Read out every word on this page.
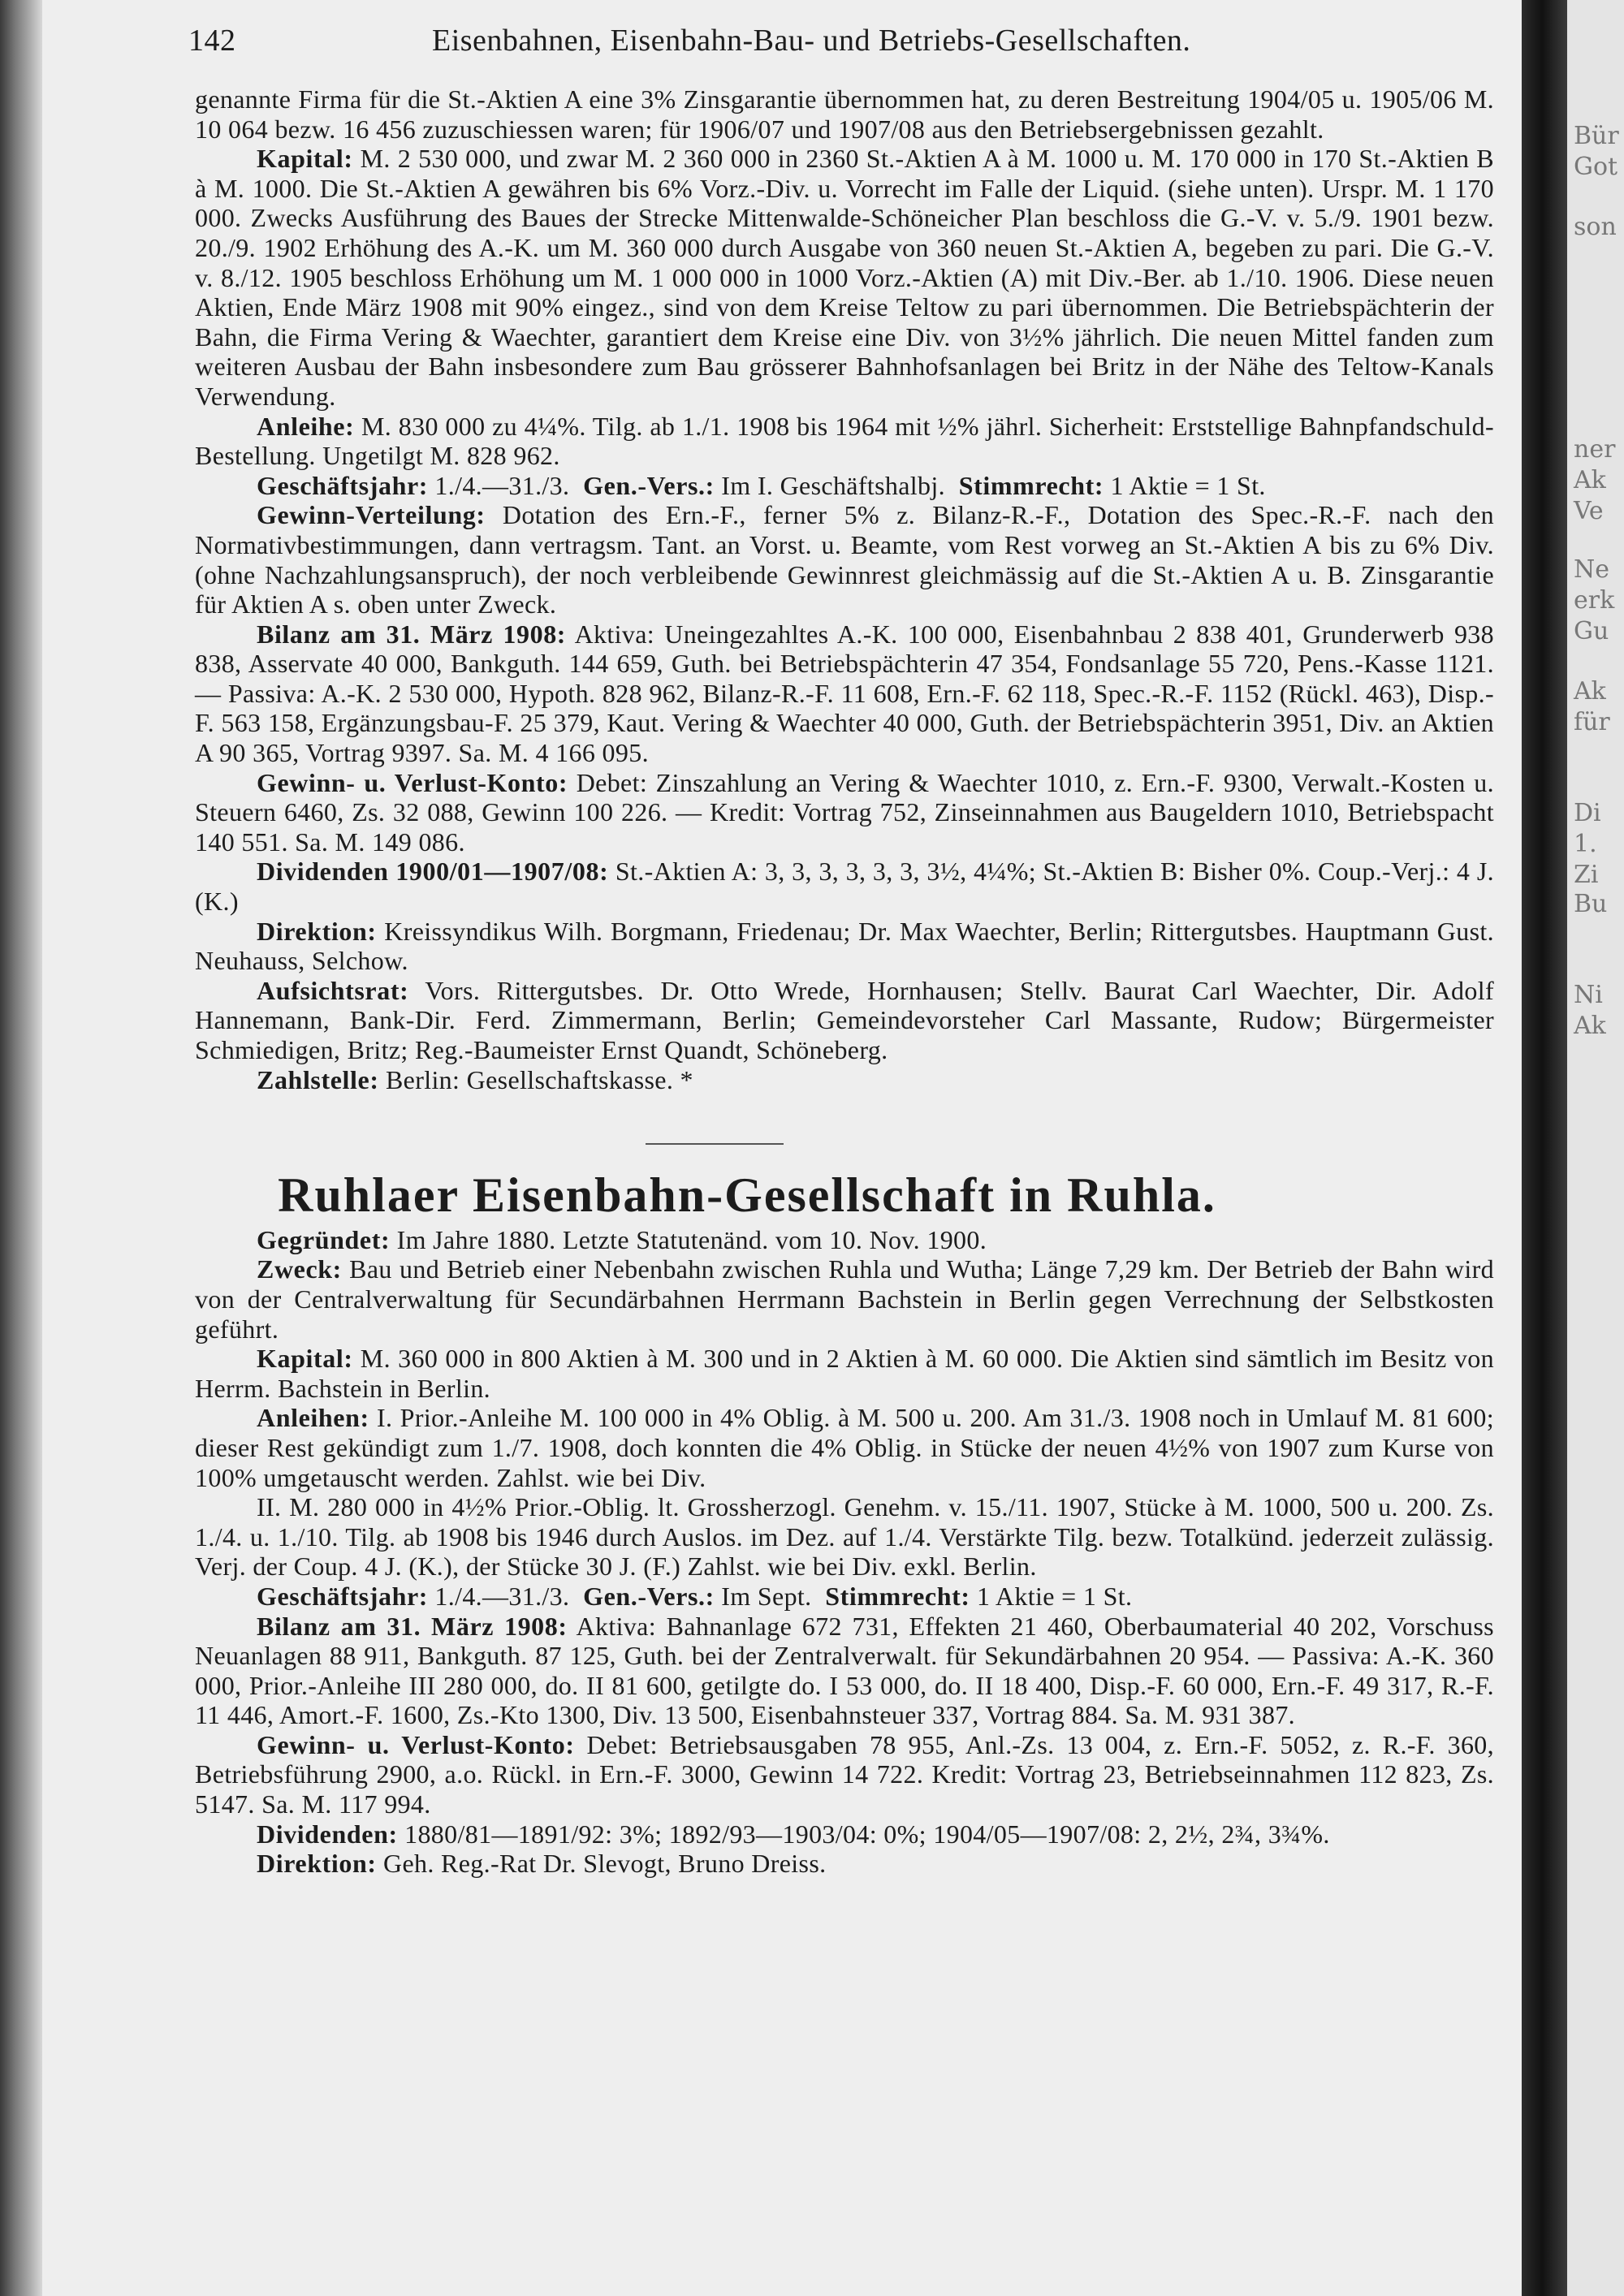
142	Eisenbahnen, Eisenbahn-Bau- und Betriebs-Gesellschaften.

genannte Firma für die St.-Aktien A eine 3% Zinsgarantie übernommen hat, zu deren Bestreitung 1904/05 u. 1905/06 M. 10 064 bezw. 16 456 zuzuschiessen waren; für 1906/07 und 1907/08 aus den Betriebsergebnissen gezahlt.

Kapital: M. 2 530 000, und zwar M. 2 360 000 in 2360 St.-Aktien A à M. 1000 u. M. 170 000 in 170 St.-Aktien B à M. 1000. Die St.-Aktien A gewähren bis 6% Vorz.-Div. u. Vorrecht im Falle der Liquid. (siehe unten). Urspr. M. 1 170 000. Zwecks Ausführung des Baues der Strecke Mittenwalde-Schöneicher Plan beschloss die G.-V. v. 5./9. 1901 bezw. 20./9. 1902 Erhöhung des A.-K. um M. 360 000 durch Ausgabe von 360 neuen St.-Aktien A, begeben zu pari. Die G.-V. v. 8./12. 1905 beschloss Erhöhung um M. 1 000 000 in 1000 Vorz.-Aktien (A) mit Div.-Ber. ab 1./10. 1906. Diese neuen Aktien, Ende März 1908 mit 90% eingez., sind von dem Kreise Teltow zu pari übernommen. Die Betriebspächterin der Bahn, die Firma Vering & Waechter, garantiert dem Kreise eine Div. von 3½% jährlich. Die neuen Mittel fanden zum weiteren Ausbau der Bahn insbesondere zum Bau grösserer Bahnhofsanlagen bei Britz in der Nähe des Teltow-Kanals Verwendung.

Anleihe: M. 830 000 zu 4¼%. Tilg. ab 1./1. 1908 bis 1964 mit ½% jährl. Sicherheit: Erststellige Bahnpfandschuld-Bestellung. Ungetilgt M. 828 962.

Geschäftsjahr: 1./4.—31./3. Gen.-Vers.: Im I. Geschäftshalbj. Stimmrecht: 1 Aktie = 1 St.

Gewinn-Verteilung: Dotation des Ern.-F., ferner 5% z. Bilanz-R.-F., Dotation des Spec.-R.-F. nach den Normativbestimmungen, dann vertragsm. Tant. an Vorst. u. Beamte, vom Rest vorweg an St.-Aktien A bis zu 6% Div. (ohne Nachzahlungsanspruch), der noch verbleibende Gewinnrest gleichmässig auf die St.-Aktien A u. B. Zinsgarantie für Aktien A s. oben unter Zweck.

Bilanz am 31. März 1908: Aktiva: Uneingezahltes A.-K. 100 000, Eisenbahnbau 2 838 401, Grunderwerb 938 838, Asservate 40 000, Bankguth. 144 659, Guth. bei Betriebspächterin 47 354, Fondsanlage 55 720, Pens.-Kasse 1121. — Passiva: A.-K. 2 530 000, Hypoth. 828 962, Bilanz-R.-F. 11 608, Ern.-F. 62 118, Spec.-R.-F. 1152 (Rückl. 463), Disp.-F. 563 158, Ergänzungsbau-F. 25 379, Kaut. Vering & Waechter 40 000, Guth. der Betriebspächterin 3951, Div. an Aktien A 90 365, Vortrag 9397. Sa. M. 4 166 095.

Gewinn- u. Verlust-Konto: Debet: Zinszahlung an Vering & Waechter 1010, z. Ern.-F. 9300, Verwalt.-Kosten u. Steuern 6460, Zs. 32 088, Gewinn 100 226. — Kredit: Vortrag 752, Zinseinnahmen aus Baugeldern 1010, Betriebspacht 140 551. Sa. M. 149 086.

Dividenden 1900/01—1907/08: St.-Aktien A: 3, 3, 3, 3, 3, 3, 3½, 4¼%; St.-Aktien B: Bisher 0%. Coup.-Verj.: 4 J. (K.)

Direktion: Kreissyndikus Wilh. Borgmann, Friedenau; Dr. Max Waechter, Berlin; Rittergutsbes. Hauptmann Gust. Neuhauss, Selchow.

Aufsichtsrat: Vors. Rittergutsbes. Dr. Otto Wrede, Hornhausen; Stellv. Baurat Carl Waechter, Dir. Adolf Hannemann, Bank-Dir. Ferd. Zimmermann, Berlin; Gemeindevorsteher Carl Massante, Rudow; Bürgermeister Schmiedigen, Britz; Reg.-Baumeister Ernst Quandt, Schöneberg.

Zahlstelle: Berlin: Gesellschaftskasse. *

Ruhlaer Eisenbahn-Gesellschaft in Ruhla.

Gegründet: Im Jahre 1880. Letzte Statutenänd. vom 10. Nov. 1900.

Zweck: Bau und Betrieb einer Nebenbahn zwischen Ruhla und Wutha; Länge 7,29 km. Der Betrieb der Bahn wird von der Centralverwaltung für Secundärbahnen Herrmann Bachstein in Berlin gegen Verrechnung der Selbstkosten geführt.

Kapital: M. 360 000 in 800 Aktien à M. 300 und in 2 Aktien à M. 60 000. Die Aktien sind sämtlich im Besitz von Herrm. Bachstein in Berlin.

Anleihen: I. Prior.-Anleihe M. 100 000 in 4% Oblig. à M. 500 u. 200. Am 31./3. 1908 noch in Umlauf M. 81 600; dieser Rest gekündigt zum 1./7. 1908, doch konnten die 4% Oblig. in Stücke der neuen 4½% von 1907 zum Kurse von 100% umgetauscht werden. Zahlst. wie bei Div.

II. M. 280 000 in 4½% Prior.-Oblig. lt. Grossherzogl. Genehm. v. 15./11. 1907, Stücke à M. 1000, 500 u. 200. Zs. 1./4. u. 1./10. Tilg. ab 1908 bis 1946 durch Auslos. im Dez. auf 1./4. Verstärkte Tilg. bezw. Totalkünd. jederzeit zulässig. Verj. der Coup. 4 J. (K.), der Stücke 30 J. (F.) Zahlst. wie bei Div. exkl. Berlin.

Geschäftsjahr: 1./4.—31./3. Gen.-Vers.: Im Sept. Stimmrecht: 1 Aktie = 1 St.

Bilanz am 31. März 1908: Aktiva: Bahnanlage 672 731, Effekten 21 460, Oberbaumaterial 40 202, Vorschuss Neuanlagen 88 911, Bankguth. 87 125, Guth. bei der Zentralverwalt. für Sekundärbahnen 20 954. — Passiva: A.-K. 360 000, Prior.-Anleihe III 280 000, do. II 81 600, getilgte do. I 53 000, do. II 18 400, Disp.-F. 60 000, Ern.-F. 49 317, R.-F. 11 446, Amort.-F. 1600, Zs.-Kto 1300, Div. 13 500, Eisenbahnsteuer 337, Vortrag 884. Sa. M. 931 387.

Gewinn- u. Verlust-Konto: Debet: Betriebsausgaben 78 955, Anl.-Zs. 13 004, z. Ern.-F. 5052, z. R.-F. 360, Betriebsführung 2900, a.o. Rückl. in Ern.-F. 3000, Gewinn 14 722. Kredit: Vortrag 23, Betriebseinnahmen 112 823, Zs. 5147. Sa. M. 117 994.

Dividenden: 1880/81—1891/92: 3%; 1892/93—1903/04: 0%; 1904/05—1907/08: 2, 2½, 2¾, 3¾%.

Direktion: Geh. Reg.-Rat Dr. Slevogt, Bruno Dreiss.

Bür
Got
son
ner
Ak
Ve
Ne
erk
Gu
Ak
für
Di
1.
Zi
Bu
Ni
Ak
